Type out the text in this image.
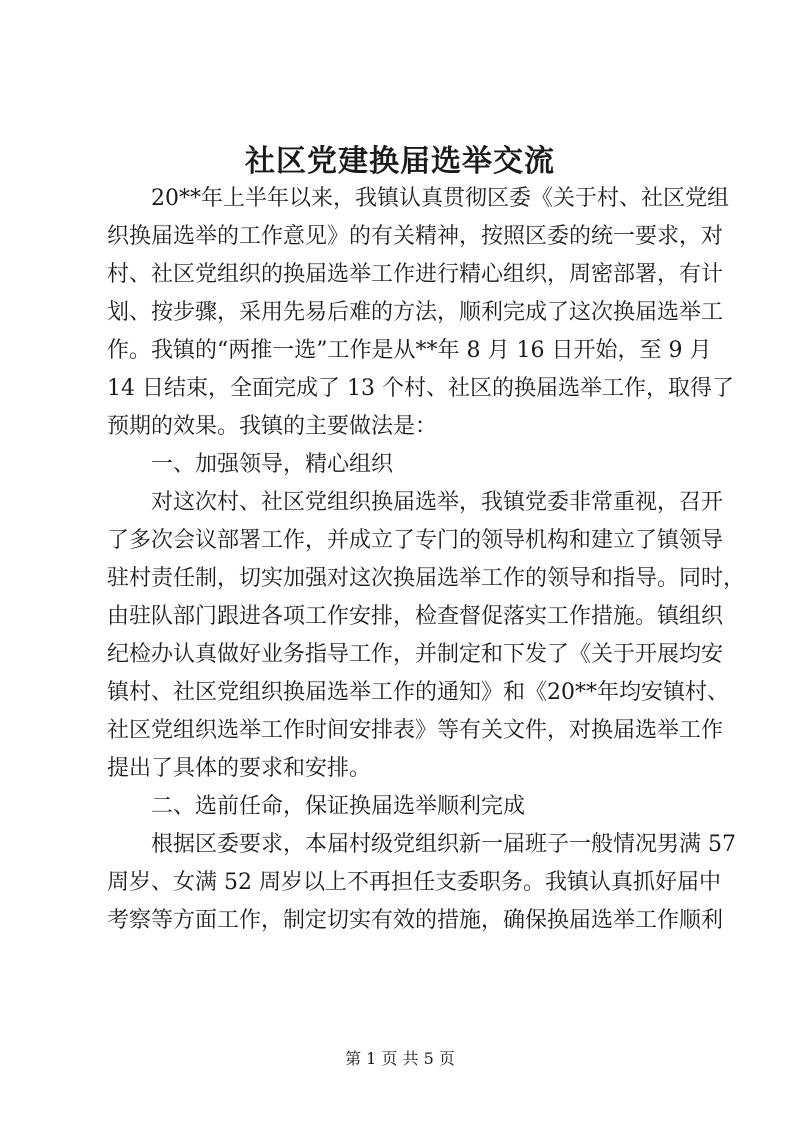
社区党建换届选举交流
20**年上半年以来，我镇认真贯彻区委《关于村、社区党组
织换届选举的工作意见》的有关精神，按照区委的统一要求，对
村、社区党组织的换届选举工作进行精心组织，周密部署，有计
划、按步骤，采用先易后难的方法，顺利完成了这次换届选举工
作。我镇的“两推一选”工作是从**年 8 月 16 日开始，至 9 月
14 日结束，全面完成了 13 个村、社区的换届选举工作，取得了
预期的效果。我镇的主要做法是：
一、加强领导，精心组织
对这次村、社区党组织换届选举，我镇党委非常重视，召开
了多次会议部署工作，并成立了专门的领导机构和建立了镇领导
驻村责任制，切实加强对这次换届选举工作的领导和指导。同时，
由驻队部门跟进各项工作安排，检查督促落实工作措施。镇组织
纪检办认真做好业务指导工作，并制定和下发了《关于开展均安
镇村、社区党组织换届选举工作的通知》和《20**年均安镇村、
社区党组织选举工作时间安排表》等有关文件，对换届选举工作
提出了具体的要求和安排。
二、选前任命，保证换届选举顺利完成
根据区委要求，本届村级党组织新一届班子一般情况男满 57
周岁、女满 52 周岁以上不再担任支委职务。我镇认真抓好届中
考察等方面工作，制定切实有效的措施，确保换届选举工作顺利
第 1 页 共 5 页
